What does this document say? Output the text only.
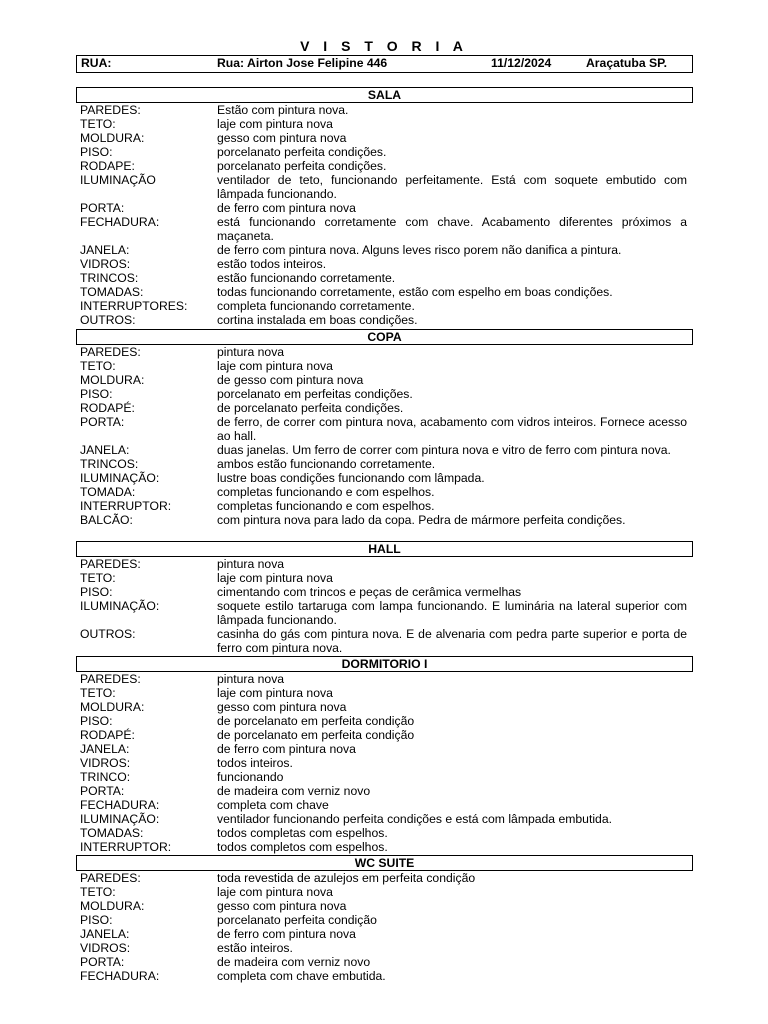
V I S T O R I A
RUA:	Rua: Airton Jose Felipine 446	11/12/2024	Araçatuba SP.
SALA
PAREDES:	Estão com pintura nova.
TETO:	laje com pintura nova
MOLDURA:	gesso com pintura nova
PISO:	porcelanato perfeita condições.
RODAPE:	porcelanato perfeita condições.
ILUMINAÇÃO	ventilador de teto, funcionando perfeitamente. Está com soquete embutido com lâmpada funcionando.
PORTA:	de ferro com pintura nova
FECHADURA:	está funcionando corretamente com chave. Acabamento diferentes próximos a maçaneta.
JANELA:	de ferro com pintura nova. Alguns leves risco porem não danifica a pintura.
VIDROS:	estão todos inteiros.
TRINCOS:	estão funcionando corretamente.
TOMADAS:	todas funcionando corretamente, estão com espelho em boas condições.
INTERRUPTORES:	completa funcionando corretamente.
OUTROS:	cortina instalada em boas condições.
COPA
PAREDES:	pintura nova
TETO:	laje com pintura nova
MOLDURA:	de gesso com pintura nova
PISO:	porcelanato em perfeitas condições.
RODAPÉ:	de porcelanato perfeita condições.
PORTA:	de ferro, de correr com pintura nova, acabamento com vidros inteiros. Fornece acesso ao hall.
JANELA:	duas janelas. Um ferro de correr com pintura nova e vitro de ferro com pintura nova.
TRINCOS:	ambos estão funcionando corretamente.
ILUMINAÇÃO:	lustre boas condições funcionando com lâmpada.
TOMADA:	completas funcionando e com espelhos.
INTERRUPTOR:	completas funcionando e com espelhos.
BALCÃO:	com pintura nova para lado da copa. Pedra de mármore perfeita condições.
HALL
PAREDES:	pintura nova
TETO:	laje com pintura nova
PISO:	cimentando com trincos e peças de cerâmica vermelhas
ILUMINAÇÃO:	soquete estilo tartaruga com lampa funcionando. E luminária na lateral superior com lâmpada funcionando.
OUTROS:	casinha do gás com pintura nova. E de alvenaria com pedra parte superior e porta de ferro com pintura nova.
DORMITORIO I
PAREDES:	pintura nova
TETO:	laje com pintura nova
MOLDURA:	gesso com pintura nova
PISO:	de porcelanato em perfeita condição
RODAPÉ:	de porcelanato em perfeita condição
JANELA:	de ferro com pintura nova
VIDROS:	todos inteiros.
TRINCO:	funcionando
PORTA:	de madeira com verniz novo
FECHADURA:	completa com chave
ILUMINAÇÃO:	ventilador funcionando perfeita condições e está com lâmpada embutida.
TOMADAS:	todos completas com espelhos.
INTERRUPTOR:	todos completos com espelhos.
WC SUITE
PAREDES:	toda revestida de azulejos em perfeita condição
TETO:	laje com pintura nova
MOLDURA:	gesso com pintura nova
PISO:	porcelanato perfeita condição
JANELA:	de ferro com pintura nova
VIDROS:	estão inteiros.
PORTA:	de madeira com verniz novo
FECHADURA:	completa com chave embutida.
